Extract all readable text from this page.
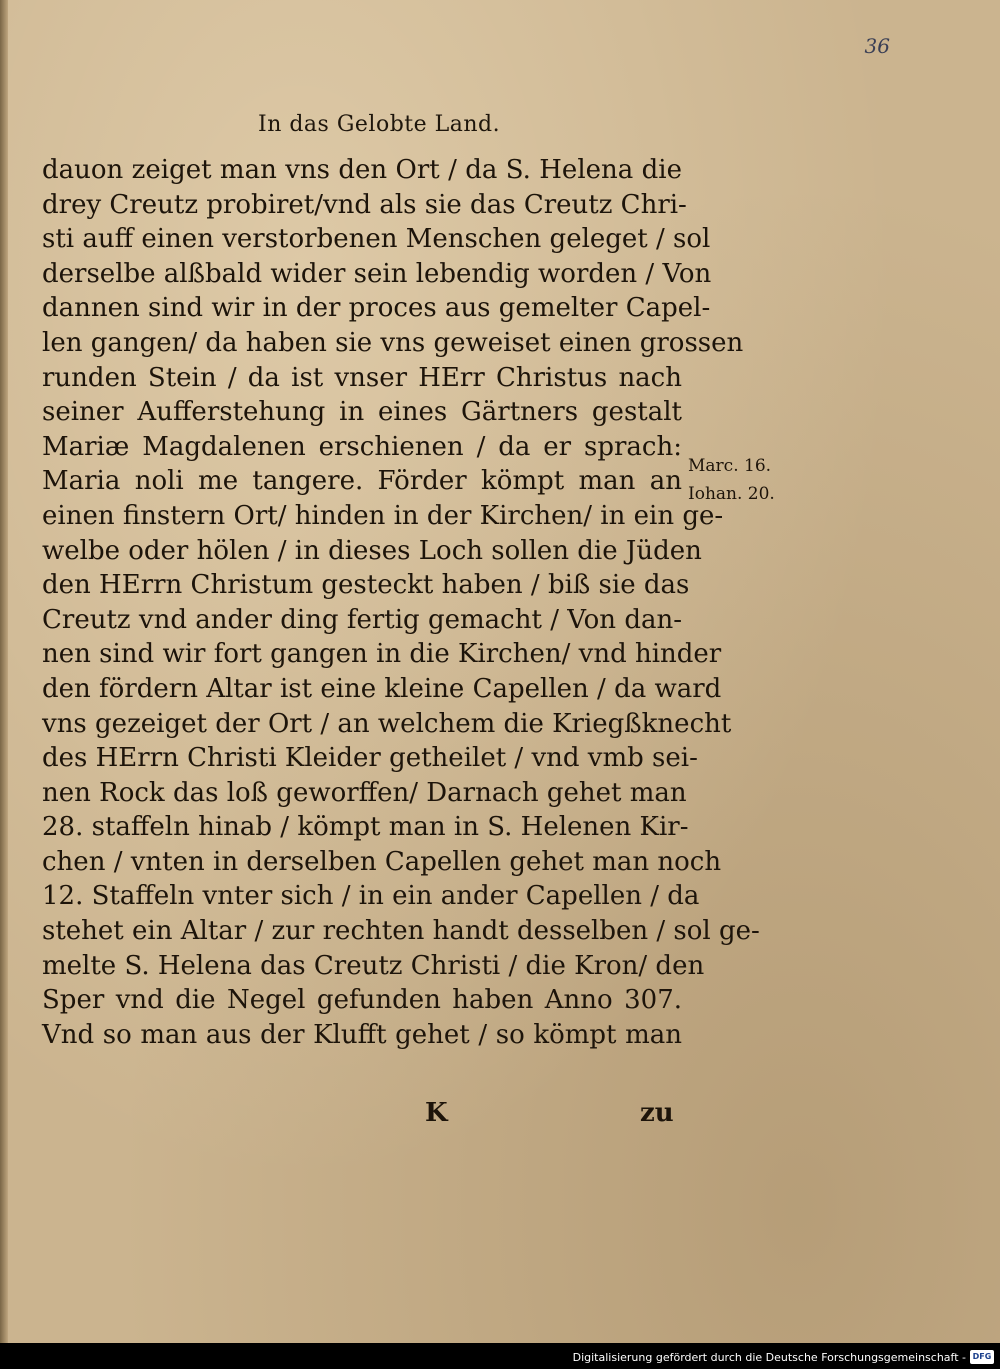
36
In das Gelobte Land.
dauon zeiget man vns den Ort / da S. Helena die
drey Creutz probiret/vnd als sie das Creutz Chri-
sti auff einen verstorbenen Menschen geleget / sol
derselbe alßbald wider sein lebendig worden / Von
dannen sind wir in der proces aus gemelter Capel-
len gangen/ da haben sie vns geweiset einen grossen
runden Stein / da ist vnser HErr Christus nach
seiner Aufferstehung in eines Gärtners gestalt
Mariæ Magdalenen erschienen / da er sprach:
Maria noli me tangere. Förder kömpt man an
einen finstern Ort/ hinden in der Kirchen/ in ein ge-
welbe oder hölen / in dieses Loch sollen die Jüden
den HErrn Christum gesteckt haben / biß sie das
Creutz vnd ander ding fertig gemacht / Von dan-
nen sind wir fort gangen in die Kirchen/ vnd hinder
den fördern Altar ist eine kleine Capellen / da ward
vns gezeiget der Ort / an welchem die Kriegßknecht
des HErrn Christi Kleider getheilet / vnd vmb sei-
nen Rock das loß geworffen/ Darnach gehet man
28. staffeln hinab / kömpt man in S. Helenen Kir-
chen / vnten in derselben Capellen gehet man noch
12. Staffeln vnter sich / in ein ander Capellen / da
stehet ein Altar / zur rechten handt desselben / sol ge-
melte S. Helena das Creutz Christi / die Kron/ den
Sper vnd die Negel gefunden haben Anno 307.
Vnd so man aus der Klufft gehet / so kömpt man
Marc. 16.
Iohan. 20.
K	zu
Digitalisierung gefördert durch die Deutsche Forschungsgemeinschaft - DFG
